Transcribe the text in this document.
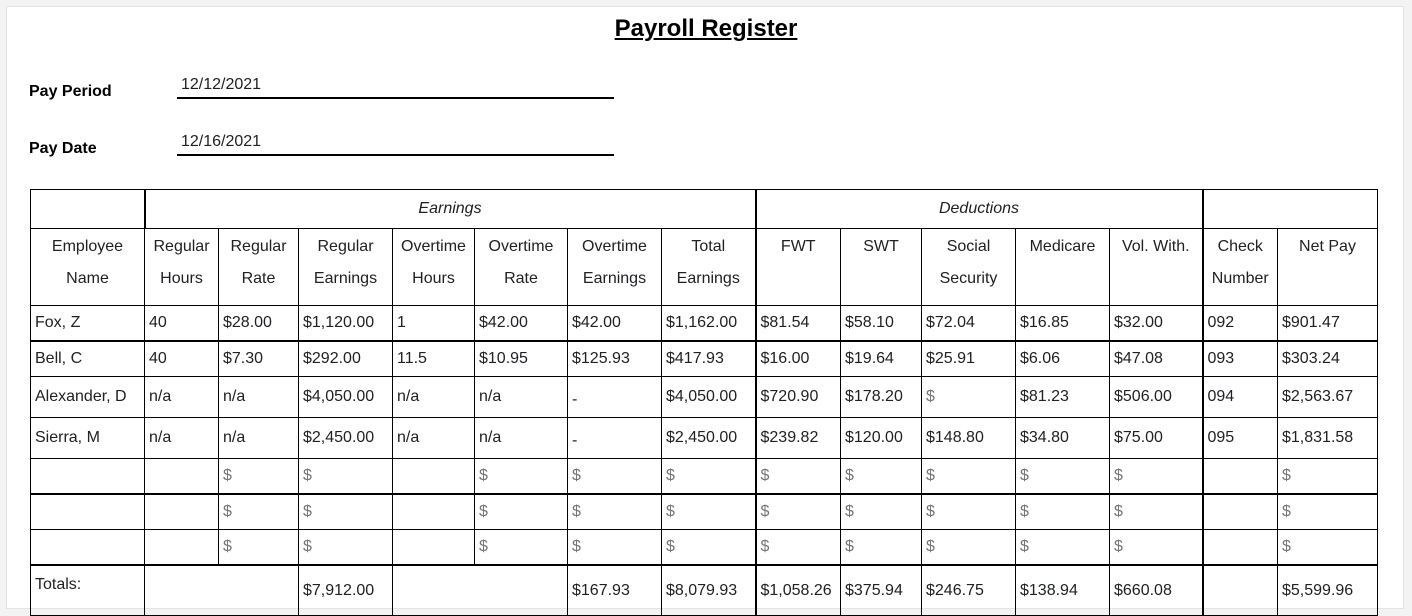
Payroll Register
Pay Period	12/12/2021
Pay Date	12/16/2021
	Earnings							Deductions						
Employee Name	Regular Hours	Regular Rate	Regular Earnings	Overtime Hours	Overtime Rate	Overtime Earnings	Total Earnings	FWT	SWT	Social Security	Medicare	Vol. With.	Check Number	Net Pay
Fox, Z	40	$28.00	$1,120.00	1	$42.00	$42.00	$1,162.00	$81.54	$58.10	$72.04	$16.85	$32.00	092	$901.47
Bell, C	40	$7.30	$292.00	11.5	$10.95	$125.93	$417.93	$16.00	$19.64	$25.91	$6.06	$47.08	093	$303.24
Alexander, D	n/a	n/a	$4,050.00	n/a	n/a	-	$4,050.00	$720.90	$178.20	$	$81.23	$506.00	094	$2,563.67
Sierra, M	n/a	n/a	$2,450.00	n/a	n/a	-	$2,450.00	$239.82	$120.00	$148.80	$34.80	$75.00	095	$1,831.58
		$	$		$	$	$	$	$	$	$	$		$
		$	$		$	$	$	$	$	$	$	$		$
		$	$		$	$	$	$	$	$	$	$		$
Totals:			$7,912.00			$167.93	$8,079.93	$1,058.26	$375.94	$246.75	$138.94	$660.08		$5,599.96
